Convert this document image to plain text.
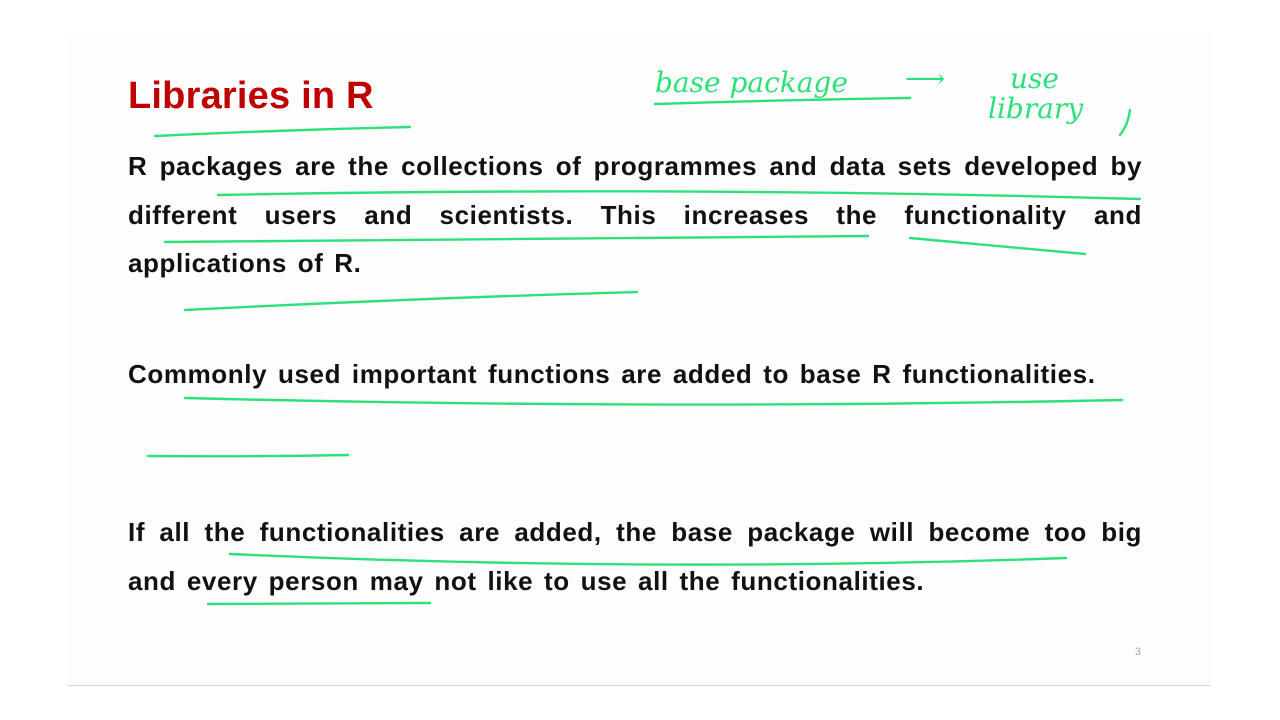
Libraries in R

R packages are the collections of programmes and data sets developed by different users and scientists. This increases the functionality and applications of R.

Commonly used important functions are added to base R functionalities.

If all the functionalities are added, the base package will become too big and every person may not like to use all the functionalities.

3
base package ⟶ use
library
